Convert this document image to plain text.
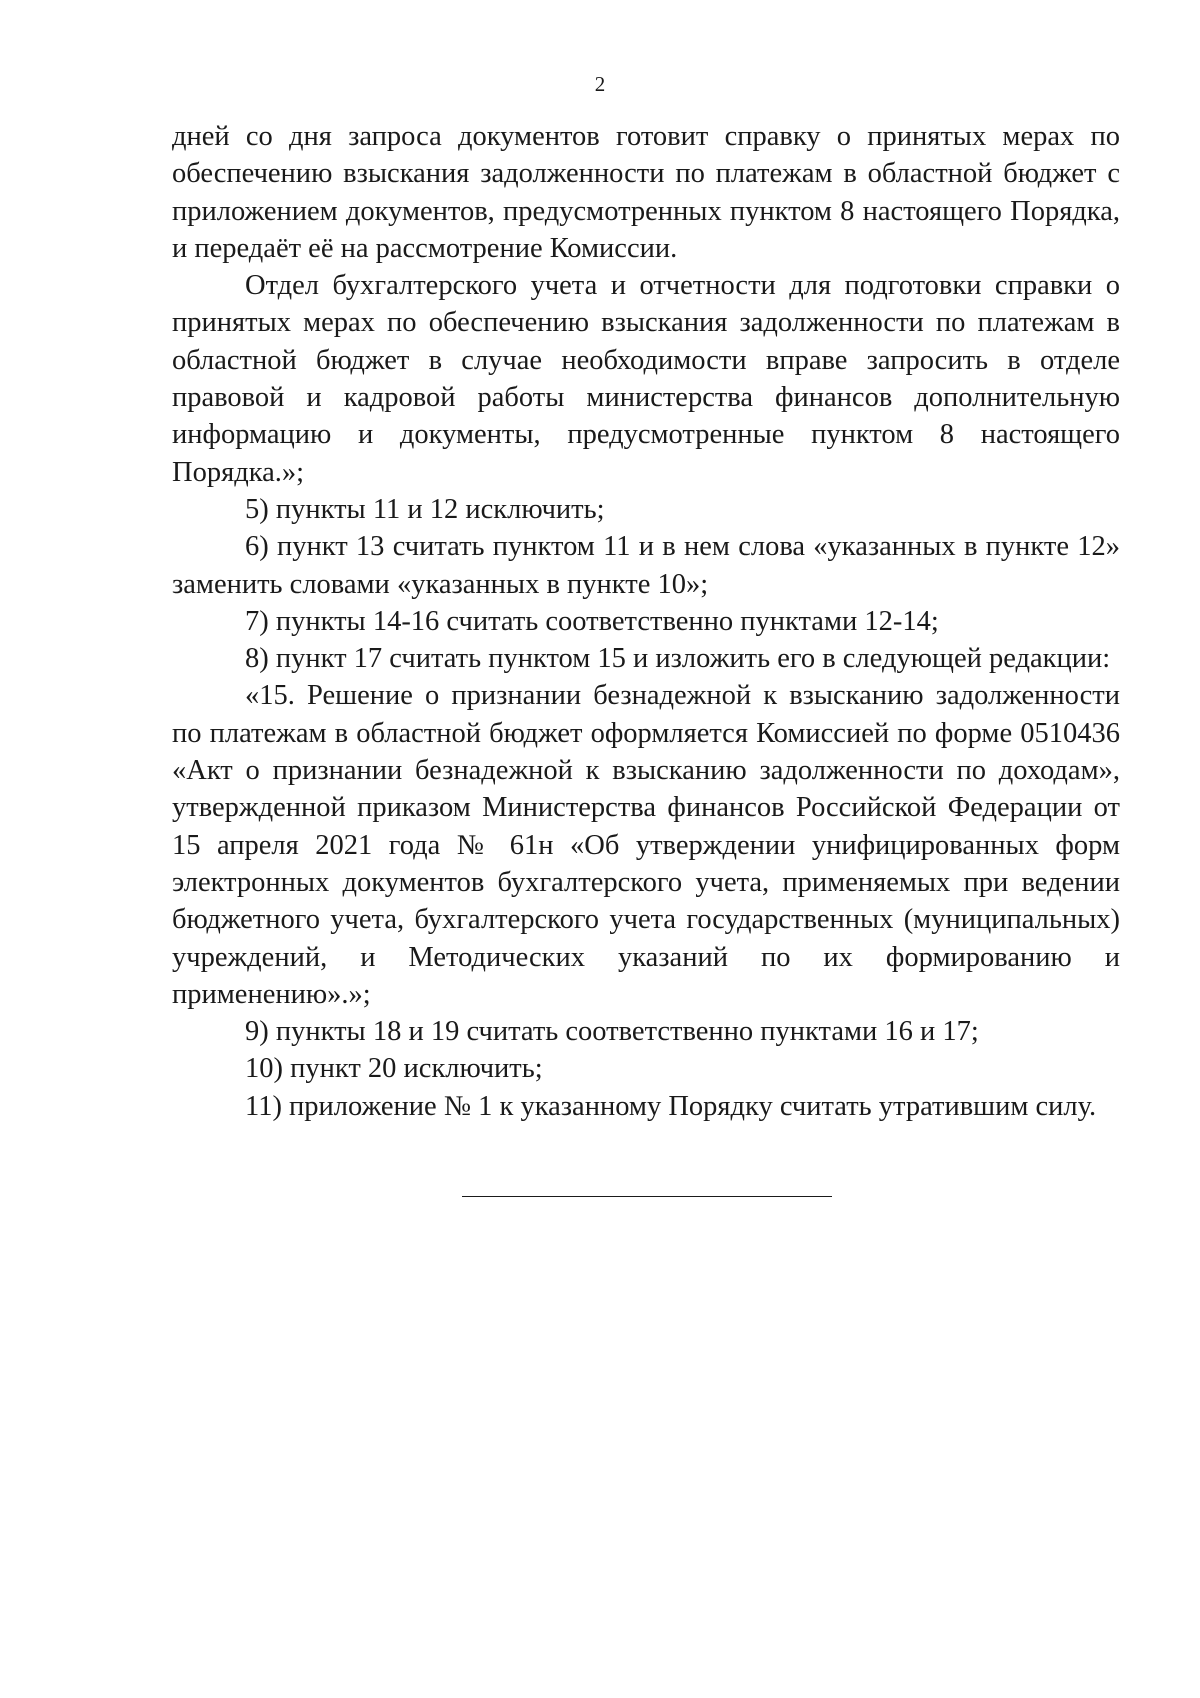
2

дней со дня запроса документов готовит справку о принятых мерах по обеспечению взыскания задолженности по платежам в областной бюджет с приложением документов, предусмотренных пунктом 8 настоящего Порядка, и передаёт её на рассмотрение Комиссии.

Отдел бухгалтерского учета и отчетности для подготовки справки о принятых мерах по обеспечению взыскания задолженности по платежам в областной бюджет в случае необходимости вправе запросить в отделе правовой и кадровой работы министерства финансов дополнительную информацию и документы, предусмотренные пунктом 8 настоящего Порядка.»;

5) пункты 11 и 12 исключить;

6) пункт 13 считать пунктом 11 и в нем слова «указанных в пункте 12» заменить словами «указанных в пункте 10»;

7) пункты 14-16 считать соответственно пунктами 12-14;

8) пункт 17 считать пунктом 15 и изложить его в следующей редакции:

«15. Решение о признании безнадежной к взысканию задолженности по платежам в областной бюджет оформляется Комиссией по форме 0510436 «Акт о признании безнадежной к взысканию задолженности по доходам», утвержденной приказом Министерства финансов Российской Федерации от 15 апреля 2021 года № 61н «Об утверждении унифицированных форм электронных документов бухгалтерского учета, применяемых при ведении бюджетного учета, бухгалтерского учета государственных (муниципальных) учреждений, и Методических указаний по их формированию и применению».»;

9) пункты 18 и 19 считать соответственно пунктами 16 и 17;

10) пункт 20 исключить;

11) приложение № 1 к указанному Порядку считать утратившим силу.
